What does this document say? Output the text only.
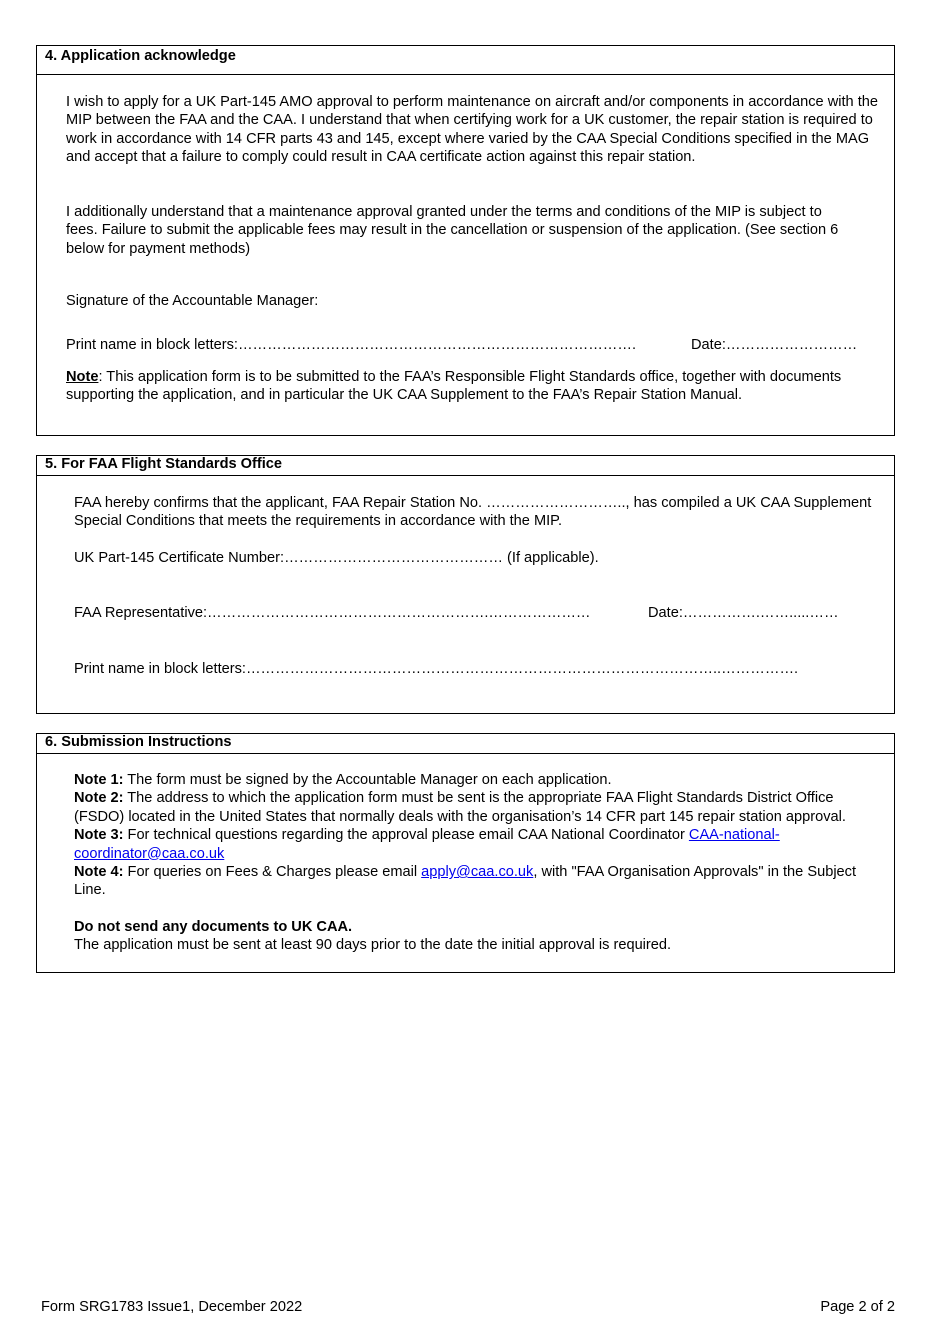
4. Application acknowledge

I wish to apply for a UK Part-145 AMO approval to perform maintenance on aircraft and/or components in accordance with the MIP between the FAA and the CAA. I understand that when certifying work for a UK customer, the repair station is required to work in accordance with 14 CFR parts 43 and 145, except where varied by the CAA Special Conditions specified in the MAG and accept that a failure to comply could result in CAA certificate action against this repair station.

I additionally understand that a maintenance approval granted under the terms and conditions of the MIP is subject to fees. Failure to submit the applicable fees may result in the cancellation or suspension of the application. (See section 6 below for payment methods)

Signature of the Accountable Manager:

Print name in block letters:……………………………………………………………………….	Date:………………………

Note: This application form is to be submitted to the FAA’s Responsible Flight Standards office, together with documents supporting the application, and in particular the UK CAA Supplement to the FAA’s Repair Station Manual.

5. For FAA Flight Standards Office

FAA hereby confirms that the applicant, FAA Repair Station No. ……………………….., has compiled a UK CAA Supplement Special Conditions that meets the requirements in accordance with the MIP.

UK Part-145 Certificate Number:……………………………………… (If applicable).

FAA Representative:………………………………………………….…………………	Date:…………….…….....……

Print name in block letters:……………………………………………………………………………………..…………….

6. Submission Instructions

Note 1: The form must be signed by the Accountable Manager on each application.

Note 2: The address to which the application form must be sent is the appropriate FAA Flight Standards District Office (FSDO) located in the United States that normally deals with the organisation’s 14 CFR part 145 repair station approval.

Note 3: For technical questions regarding the approval please email CAA National Coordinator CAA-national-coordinator@caa.co.uk

Note 4: For queries on Fees & Charges please email apply@caa.co.uk, with "FAA Organisation Approvals" in the Subject Line.

Do not send any documents to UK CAA.

The application must be sent at least 90 days prior to the date the initial approval is required.

Form SRG1783 Issue1, December 2022	Page 2 of 2
